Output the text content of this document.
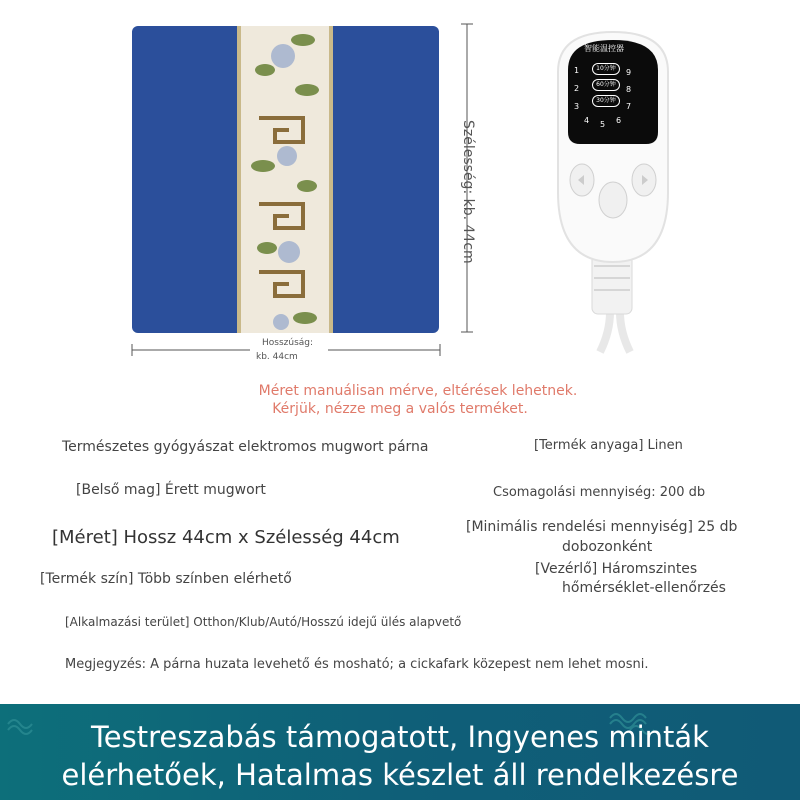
Szélesség: kb. 44cm
Hosszúság:
kb. 44cm
智能温控器
10分钟
60分钟
30分钟
1
2
3
9
8
7
4 5 6
Méret manuálisan mérve, eltérések lehetnek.
Kérjük, nézze meg a valós terméket.
Természetes gyógyászat elektromos mugwort párna	[Termék anyaga] Linen
[Belső mag] Érett mugwort	Csomagolási mennyiség: 200 db
[Méret] Hossz 44cm x Szélesség 44cm	[Minimális rendelési mennyiség] 25 db
dobozonként
[Termék szín] Több színben elérhető
[Vezérlő] Háromszintes
hőmérséklet-ellenőrzés
[Alkalmazási terület] Otthon/Klub/Autó/Hosszú idejű ülés alapvető
Megjegyzés: A párna huzata levehető és mosható; a cickafark közepest nem lehet mosni.
Testreszabás támogatott, Ingyenes minták
elérhetőek, Hatalmas készlet áll rendelkezésre
